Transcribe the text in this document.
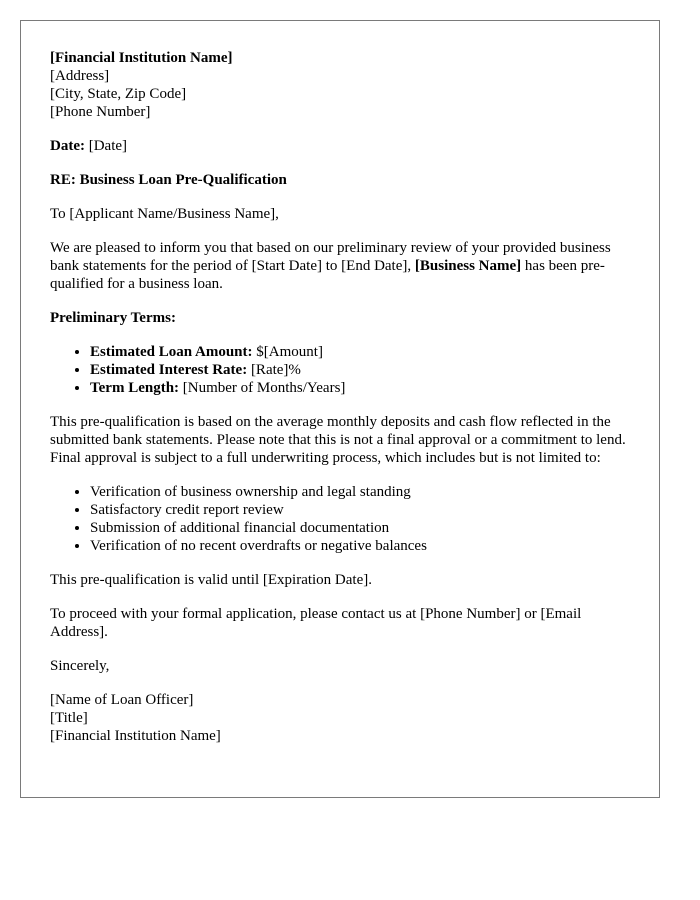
[Financial Institution Name]
[Address]
[City, State, Zip Code]
[Phone Number]

Date: [Date]

RE: Business Loan Pre-Qualification

To [Applicant Name/Business Name],

We are pleased to inform you that based on our preliminary review of your provided business bank statements for the period of [Start Date] to [End Date], [Business Name] has been pre-qualified for a business loan.

Preliminary Terms:

• Estimated Loan Amount: $[Amount]
• Estimated Interest Rate: [Rate]%
• Term Length: [Number of Months/Years]

This pre-qualification is based on the average monthly deposits and cash flow reflected in the submitted bank statements. Please note that this is not a final approval or a commitment to lend. Final approval is subject to a full underwriting process, which includes but is not limited to:

• Verification of business ownership and legal standing
• Satisfactory credit report review
• Submission of additional financial documentation
• Verification of no recent overdrafts or negative balances

This pre-qualification is valid until [Expiration Date].

To proceed with your formal application, please contact us at [Phone Number] or [Email Address].

Sincerely,

[Name of Loan Officer]
[Title]
[Financial Institution Name]
